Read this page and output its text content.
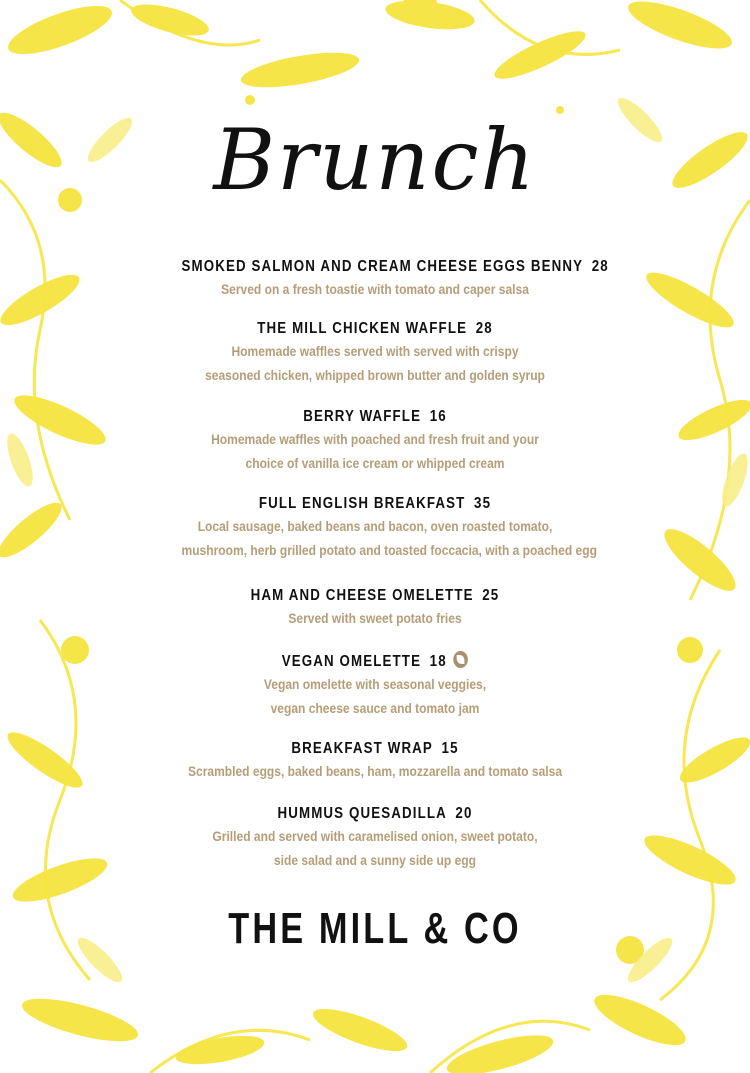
Brunch
SMOKED SALMON AND CREAM CHEESE EGGS BENNY 28
Served on a fresh toastie with tomato and caper salsa
THE MILL CHICKEN WAFFLE 28
Homemade waffles served with served with crispy
seasoned chicken, whipped brown butter and golden syrup
BERRY WAFFLE 16
Homemade waffles with poached and fresh fruit and your
choice of vanilla ice cream or whipped cream
FULL ENGLISH BREAKFAST 35
Local sausage, baked beans and bacon, oven roasted tomato,
mushroom, herb grilled potato and toasted foccacia, with a poached egg
HAM AND CHEESE OMELETTE 25
Served with sweet potato fries
VEGAN OMELETTE 18
Vegan omelette with seasonal veggies,
vegan cheese sauce and tomato jam
BREAKFAST WRAP 15
Scrambled eggs, baked beans, ham, mozzarella and tomato salsa
HUMMUS QUESADILLA 20
Grilled and served with caramelised onion, sweet potato,
side salad and a sunny side up egg
THE MILL & CO
